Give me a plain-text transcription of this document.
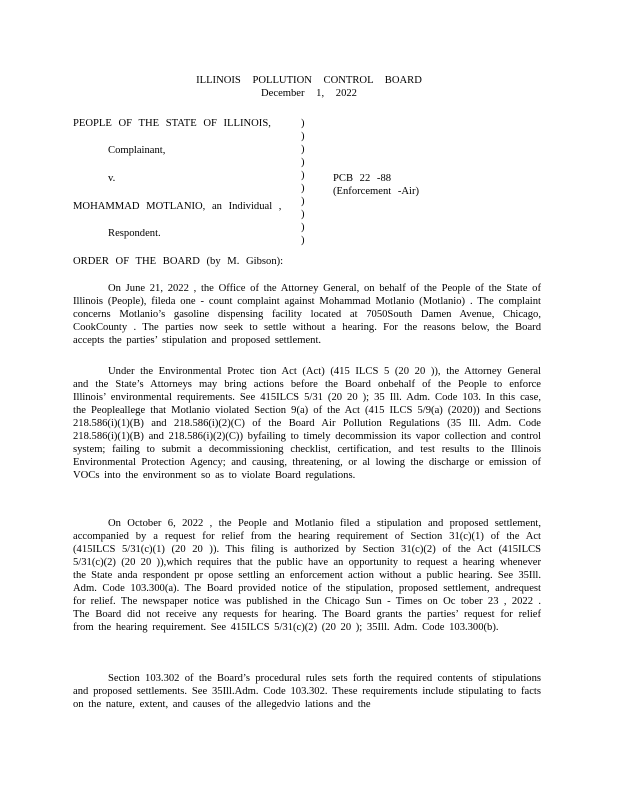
ILLINOIS POLLUTION CONTROL BOARD
December 1, 2022
PEOPLE OF THE STATE OF ILLINOIS,
Complainant,
v.
MOHAMMAD MOTLANIO, an Individual ,
Respondent.
)
)
)
)
)
)
)
)
)
)
PCB 22 -88
(Enforcement -Air)
ORDER OF THE BOARD (by M. Gibson):

On June 21, 2022 , the Office of the Attorney General, on behalf of the People of the State of Illinois (People), fileda one - count complaint against Mohammad Motlanio (Motlanio) . The complaint concerns Motlanio’s gasoline dispensing facility located at 7050South Damen Avenue, Chicago, CookCounty . The parties now seek to settle without a hearing. For the reasons below, the Board accepts the parties’ stipulation and proposed settlement.

Under the Environmental Protec tion Act (Act) (415 ILCS 5 (20 20 )), the Attorney General and the State’s Attorneys may bring actions before the Board onbehalf of the People to enforce Illinois’ environmental requirements. See 415ILCS 5/31 (20 20 ); 35 Ill. Adm. Code 103. In this case, the Peopleallege that Motlanio violated Section 9(a) of the Act (415 ILCS 5/9(a) (2020)) and Sections 218.586(i)(1)(B) and 218.586(i)(2)(C) of the Board Air Pollution Regulations (35 Ill. Adm. Code 218.586(i)(1)(B) and 218.586(i)(2)(C)) byfailing to timely decommission its vapor collection and control system; failing to submit a decommissioning checklist, certification, and test results to the Illinois Environmental Protection Agency; and causing, threatening, or al lowing the discharge or emission of VOCs into the environment so as to violate Board regulations.

On October 6, 2022 , the People and Motlanio filed a stipulation and proposed settlement, accompanied by a request for relief from the hearing requirement of Section 31(c)(1) of the Act (415ILCS 5/31(c)(1) (20 20 )). This filing is authorized by Section 31(c)(2) of the Act (415ILCS 5/31(c)(2) (20 20 )),which requires that the public have an opportunity to request a hearing whenever the State anda respondent pr opose settling an enforcement action without a public hearing. See 35Ill. Adm. Code 103.300(a). The Board provided notice of the stipulation, proposed settlement, andrequest for relief. The newspaper notice was published in the Chicago Sun - Times on Oc tober 23 , 2022 . The Board did not receive any requests for hearing. The Board grants the parties’ request for relief from the hearing requirement. See 415ILCS 5/31(c)(2) (20 20 ); 35Ill. Adm. Code 103.300(b).

Section 103.302 of the Board’s procedural rules sets forth the required contents of stipulations and proposed settlements. See 35Ill.Adm. Code 103.302. These requirements include stipulating to facts on the nature, extent, and causes of the allegedvio lations and the
